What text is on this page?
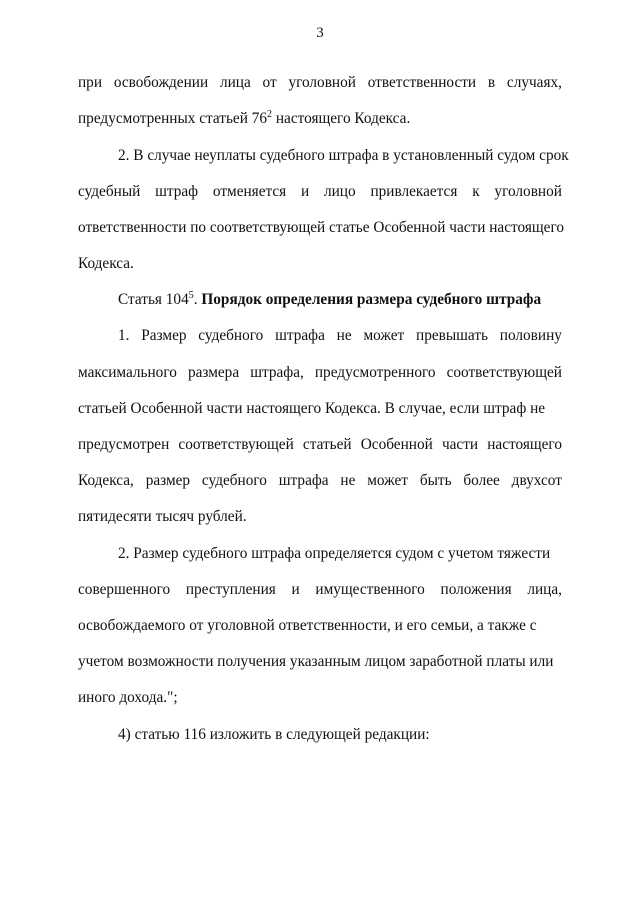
3
при освобождении лица от уголовной ответственности в случаях,
предусмотренных статьей $76^2$ настоящего Кодекса.
2. В случае неуплаты судебного штрафа в установленный судом срок
судебный штраф отменяется и лицо привлекается к уголовной
ответственности по соответствующей статье Особенной части настоящего
Кодекса.
Статья $104^5$. Порядок определения размера судебного штрафа
1. Размер судебного штрафа не может превышать половину
максимального размера штрафа, предусмотренного соответствующей
статьей Особенной части настоящего Кодекса. В случае, если штраф не
предусмотрен соответствующей статьей Особенной части настоящего
Кодекса, размер судебного штрафа не может быть более двухсот
пятидесяти тысяч рублей.
2. Размер судебного штрафа определяется судом с учетом тяжести
совершенного преступления и имущественного положения лица,
освобождаемого от уголовной ответственности, и его семьи, а также с
учетом возможности получения указанным лицом заработной платы или
иного дохода.";
4) статью 116 изложить в следующей редакции:
